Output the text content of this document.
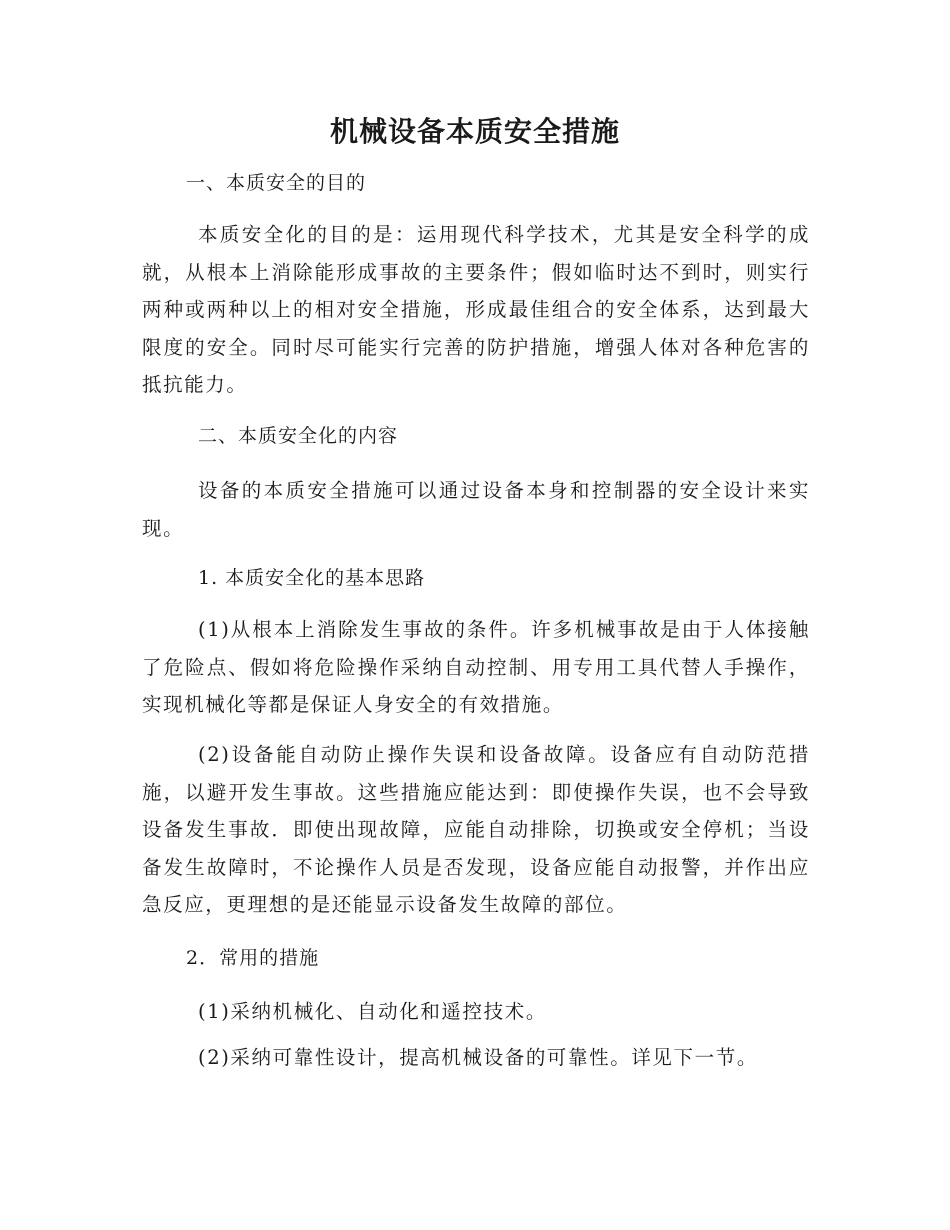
机械设备本质安全措施

一、本质安全的目的

本质安全化的目的是：运用现代科学技术，尤其是安全科学的成就，从根本上消除能形成事故的主要条件；假如临时达不到时，则实行两种或两种以上的相对安全措施，形成最佳组合的安全体系，达到最大限度的安全。同时尽可能实行完善的防护措施，增强人体对各种危害的抵抗能力。

二、本质安全化的内容

设备的本质安全措施可以通过设备本身和控制器的安全设计来实现。

1. 本质安全化的基本思路

(1)从根本上消除发生事故的条件。许多机械事故是由于人体接触了危险点、假如将危险操作采纳自动控制、用专用工具代替人手操作，实现机械化等都是保证人身安全的有效措施。

(2)设备能自动防止操作失误和设备故障。设备应有自动防范措施，以避开发生事故。这些措施应能达到：即使操作失误，也不会导致设备发生事故．即使出现故障，应能自动排除，切换或安全停机；当设备发生故障时，不论操作人员是否发现，设备应能自动报警，并作出应急反应，更理想的是还能显示设备发生故障的部位。

2．常用的措施

(1)采纳机械化、自动化和遥控技术。

(2)采纳可靠性设计，提高机械设备的可靠性。详见下一节。
